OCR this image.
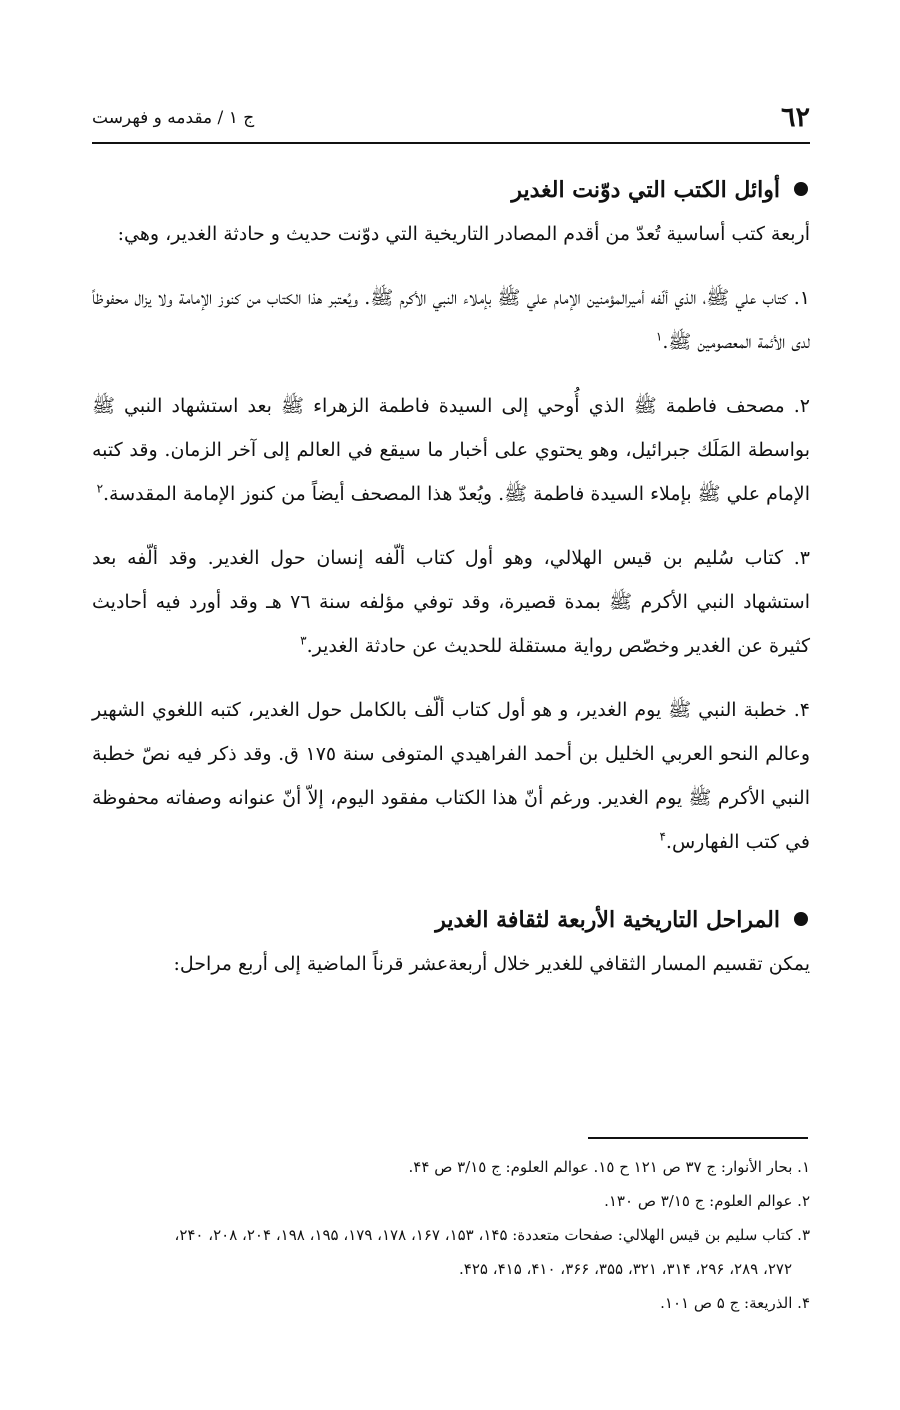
٦٢
ج ١ / مقدمه و فهرست
أوائل الكتب التي دوّنت الغدير

أربعة كتب أساسية تُعدّ من أقدم المصادر التاريخية التي دوّنت حديث و حادثة الغدير، وهي:

١. كتاب علي ﷺ، الذي ألّفه أميرالمؤمنين الإمام علي ﷺ بإملاء النبي الأكرم ﷺ. ويُعتبر هذا الكتاب من كنوز الإمامة ولا يزال محفوظاً لدى الأئمة المعصومين ﷺ.$^١$

٢. مصحف فاطمة ﷺ الذي أُوحي إلى السيدة فاطمة الزهراء ﷺ بعد استشهاد النبي ﷺ بواسطة المَلَك جبرائيل، وهو يحتوي على أخبار ما سيقع في العالم إلى آخر الزمان. وقد كتبه الإمام علي ﷺ بإملاء السيدة فاطمة ﷺ. ويُعدّ هذا المصحف أيضاً من كنوز الإمامة المقدسة.$^٢$

٣. كتاب سُليم بن قيس الهلالي، وهو أول كتاب ألّفه إنسان حول الغدير. وقد ألّفه بعد استشهاد النبي الأكرم ﷺ بمدة قصيرة، وقد توفي مؤلفه سنة ٧٦ هـ وقد أورد فيه أحاديث كثيرة عن الغدير وخصّص رواية مستقلة للحديث عن حادثة الغدير.$^٣$

۴. خطبة النبي ﷺ يوم الغدير، و هو أول كتاب ألّف بالكامل حول الغدير، كتبه اللغوي الشهير وعالم النحو العربي الخليل بن أحمد الفراهيدي المتوفى سنة ١٧٥ ق. وقد ذكر فيه نصّ خطبة النبي الأكرم ﷺ يوم الغدير. ورغم أنّ هذا الكتاب مفقود اليوم، إلاّ أنّ عنوانه وصفاته محفوظة في كتب الفهارس.$^۴$

المراحل التاريخية الأربعة لثقافة الغدير

يمكن تقسيم المسار الثقافي للغدير خلال أربعةعشر قرناً الماضية إلى أربع مراحل:

١. بحار الأنوار: ج ٣٧ ص ١٢١ ح ١٥. عوالم العلوم: ج ٣/١٥ ص ۴۴.
٢. عوالم العلوم: ج ٣/١٥ ص ١٣٠.
٣. كتاب سليم بن قيس الهلالي: صفحات متعددة: ١۴۵، ١۵٣، ١۶٧، ١٧٨، ١٧٩، ١٩۵، ١٩٨، ٢٠۴، ٢٠٨، ٢۴٠،
٢٧٢، ٢٨٩، ٢٩۶، ٣١۴، ٣٢١، ٣۵۵، ٣۶۶، ۴١٠، ۴١۵، ۴٢۵.
۴. الذريعة: ج ۵ ص ١٠١.
